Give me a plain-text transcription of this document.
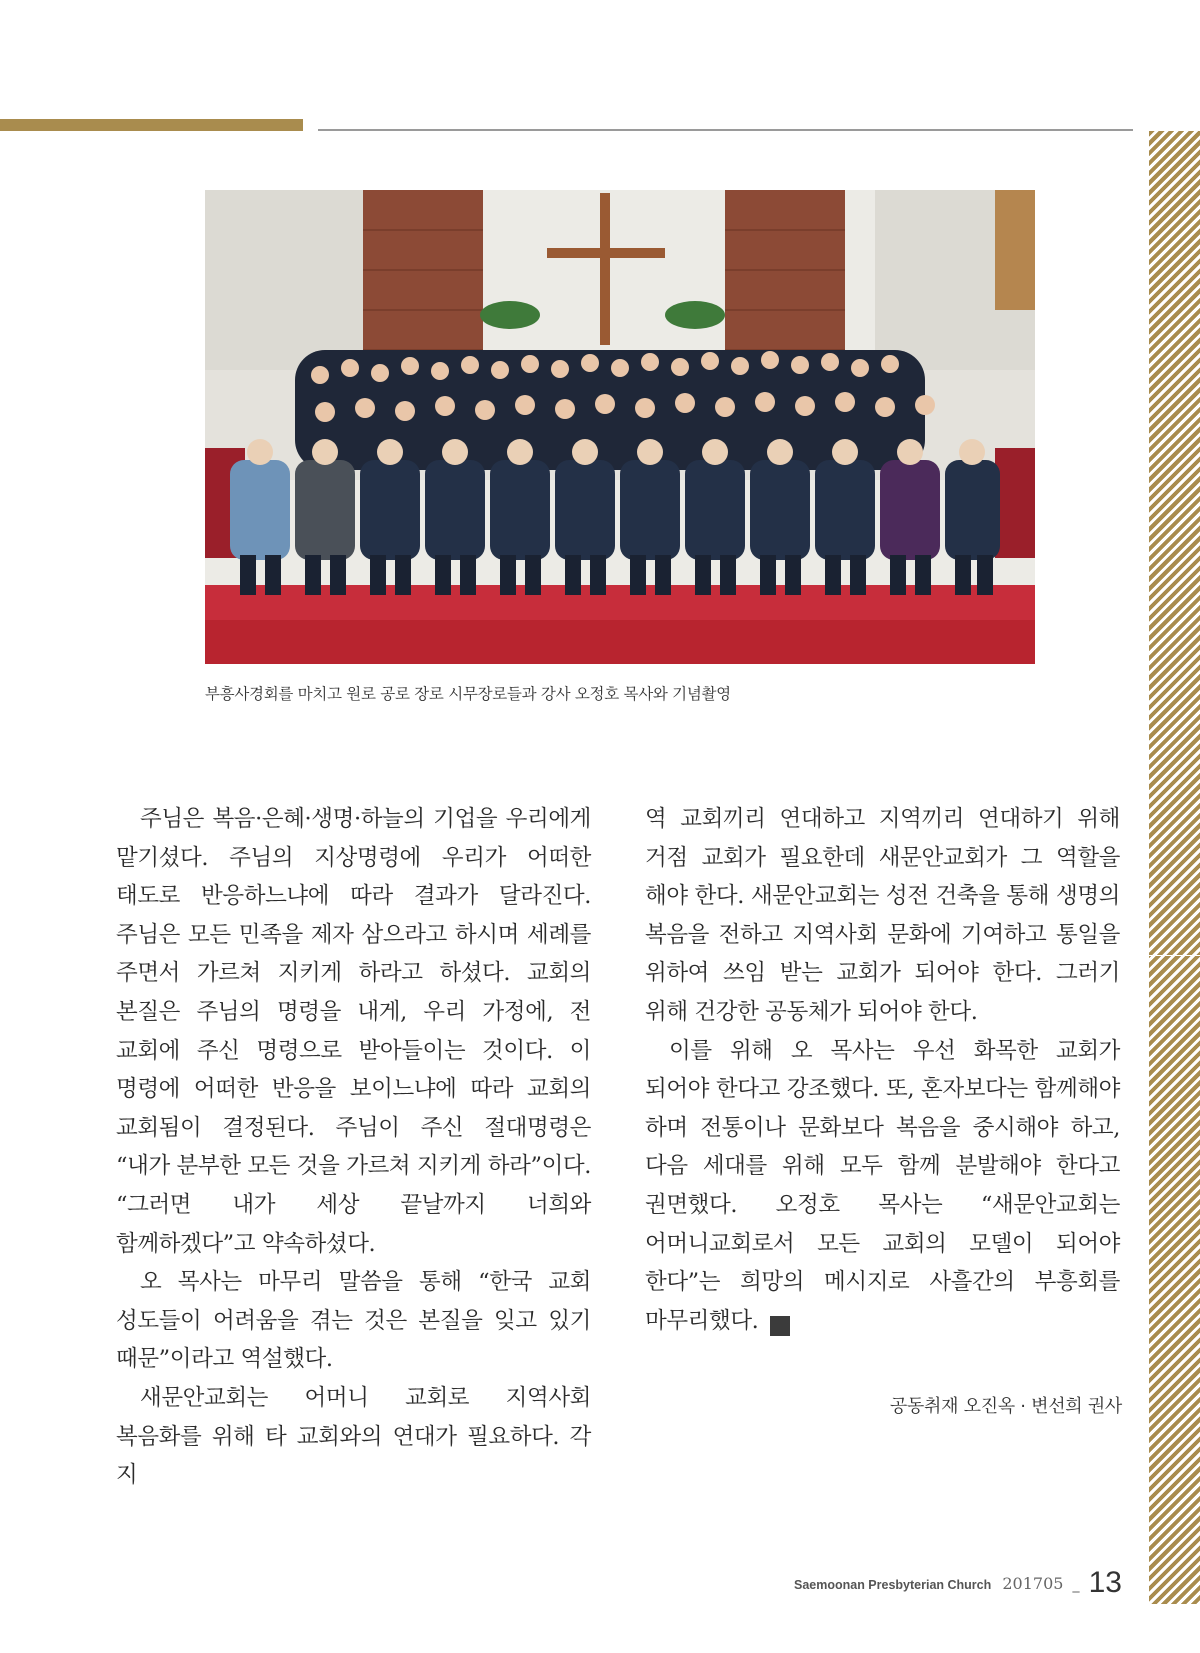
부흥사경회를 마치고 원로 공로 장로 시무장로들과 강사 오정호 목사와 기념촬영

주님은 복음·은혜·생명·하늘의 기업을 우리에게 맡기셨다. 주님의 지상명령에 우리가 어떠한 태도로 반응하느냐에 따라 결과가 달라진다. 주님은 모든 민족을 제자 삼으라고 하시며 세례를 주면서 가르쳐 지키게 하라고 하셨다. 교회의 본질은 주님의 명령을 내게, 우리 가정에, 전 교회에 주신 명령으로 받아들이는 것이다. 이 명령에 어떠한 반응을 보이느냐에 따라 교회의 교회됨이 결정된다. 주님이 주신 절대명령은 “내가 분부한 모든 것을 가르쳐 지키게 하라”이다. “그러면 내가 세상 끝날까지 너희와 함께하겠다”고 약속하셨다.

오 목사는 마무리 말씀을 통해 “한국 교회 성도들이 어려움을 겪는 것은 본질을 잊고 있기 때문”이라고 역설했다.

새문안교회는 어머니 교회로 지역사회 복음화를 위해 타 교회와의 연대가 필요하다. 각 지

역 교회끼리 연대하고 지역끼리 연대하기 위해 거점 교회가 필요한데 새문안교회가 그 역할을 해야 한다. 새문안교회는 성전 건축을 통해 생명의 복음을 전하고 지역사회 문화에 기여하고 통일을 위하여 쓰임 받는 교회가 되어야 한다. 그러기 위해 건강한 공동체가 되어야 한다.

이를 위해 오 목사는 우선 화목한 교회가 되어야 한다고 강조했다. 또, 혼자보다는 함께해야 하며 전통이나 문화보다 복음을 중시해야 하고, 다음 세대를 위해 모두 함께 분발해야 한다고 권면했다. 오정호 목사는 “새문안교회는 어머니교회로서 모든 교회의 모델이 되어야 한다”는 희망의 메시지로 사흘간의 부흥회를 마무리했다.	새

공동취재 오진옥 · 변선희 권사
Saemoonan Presbyterian Church 201705 _ 13
